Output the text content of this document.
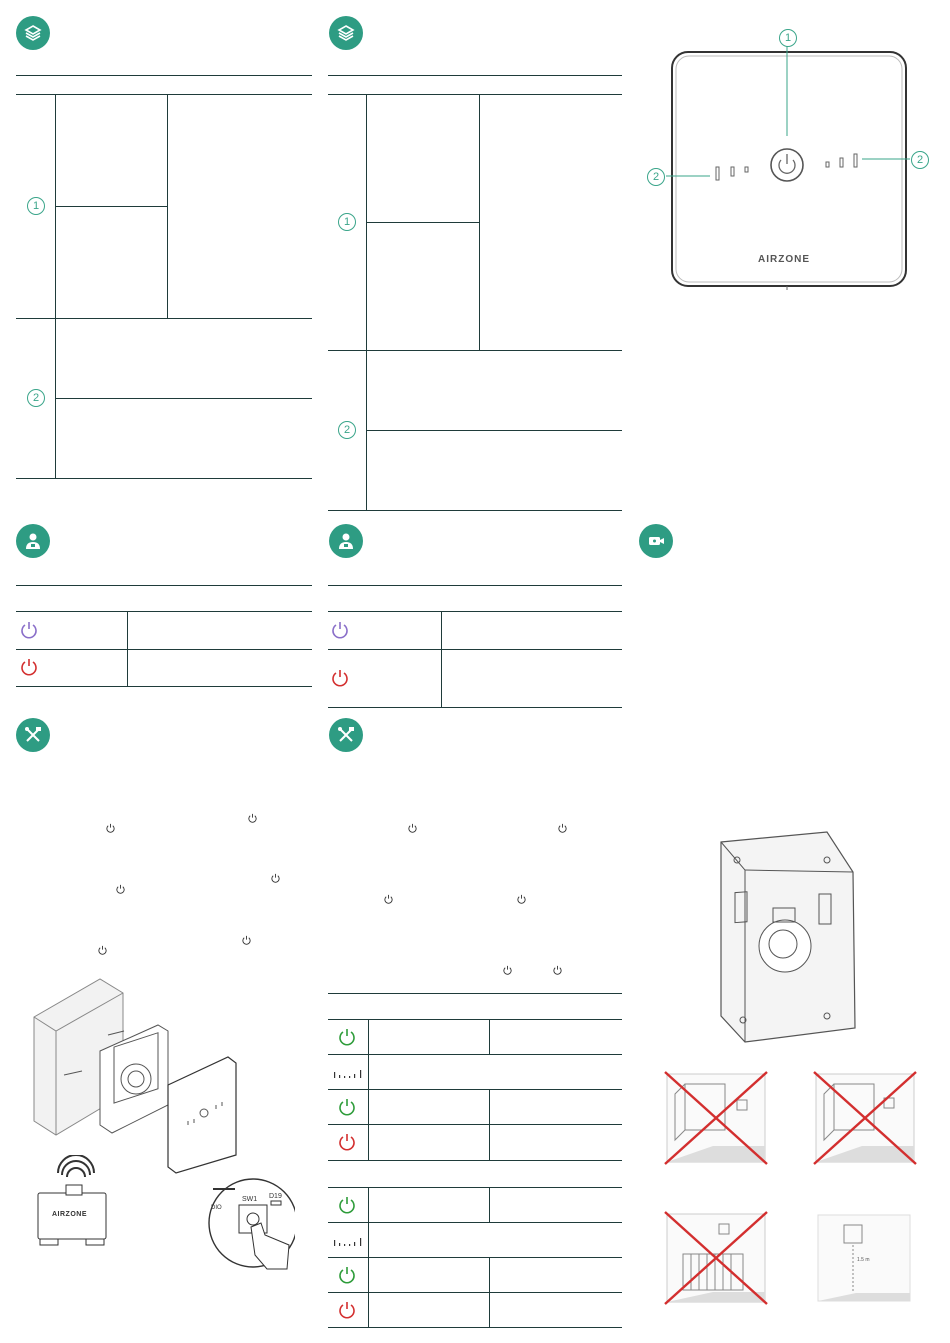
1
2
1
2
1
2
2
AIRZONE
AIRZONE
SW1 D19
DIO
1.5 m
